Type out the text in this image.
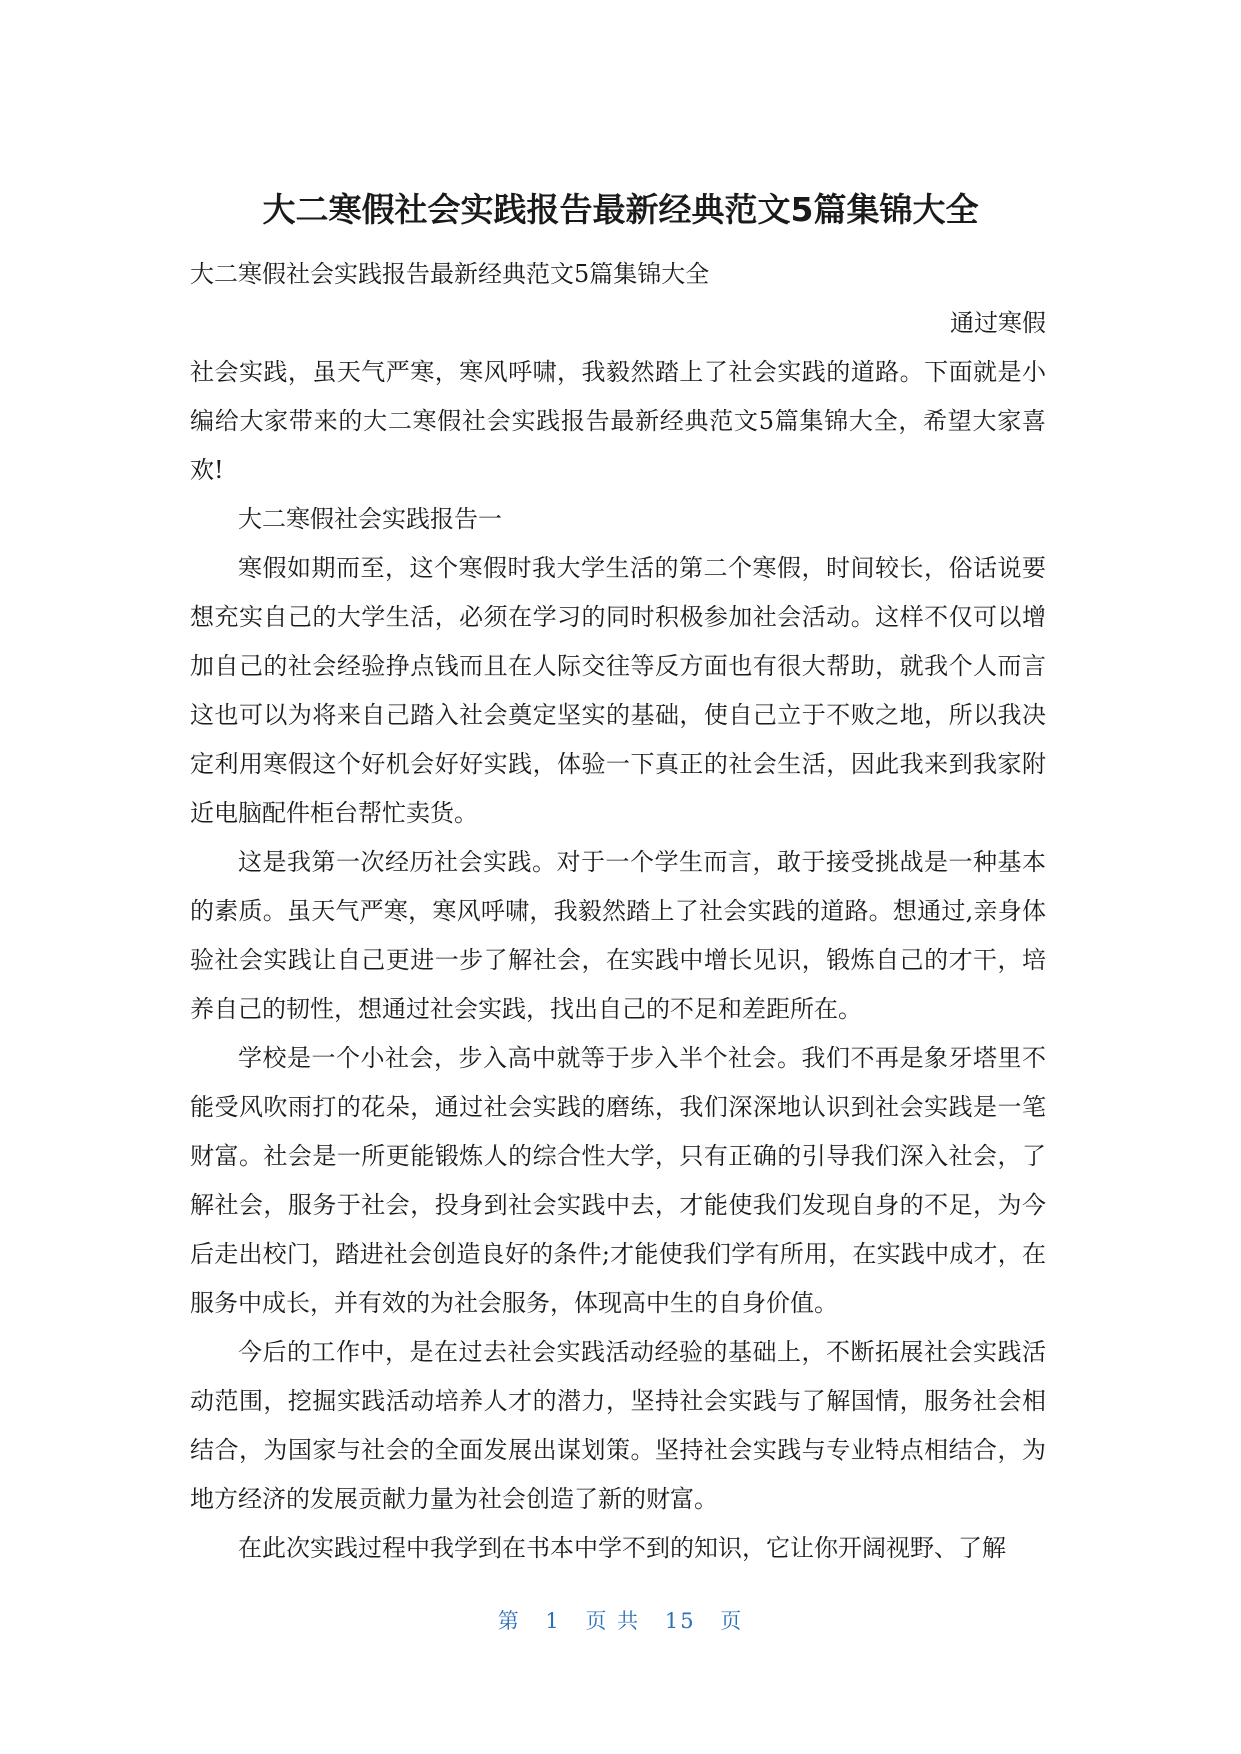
大二寒假社会实践报告最新经典范文5篇集锦大全

大二寒假社会实践报告最新经典范文5篇集锦大全

通过寒假

社会实践，虽天气严寒，寒风呼啸，我毅然踏上了社会实践的道路。下面就是小编给大家带来的大二寒假社会实践报告最新经典范文5篇集锦大全，希望大家喜欢!

大二寒假社会实践报告一

寒假如期而至，这个寒假时我大学生活的第二个寒假，时间较长，俗话说要想充实自己的大学生活，必须在学习的同时积极参加社会活动。这样不仅可以增加自己的社会经验挣点钱而且在人际交往等反方面也有很大帮助，就我个人而言这也可以为将来自己踏入社会奠定坚实的基础，使自己立于不败之地，所以我决定利用寒假这个好机会好好实践，体验一下真正的社会生活，因此我来到我家附近电脑配件柜台帮忙卖货。

这是我第一次经历社会实践。对于一个学生而言，敢于接受挑战是一种基本的素质。虽天气严寒，寒风呼啸，我毅然踏上了社会实践的道路。想通过,亲身体验社会实践让自己更进一步了解社会，在实践中增长见识，锻炼自己的才干，培养自己的韧性，想通过社会实践，找出自己的不足和差距所在。

学校是一个小社会，步入高中就等于步入半个社会。我们不再是象牙塔里不能受风吹雨打的花朵，通过社会实践的磨练，我们深深地认识到社会实践是一笔财富。社会是一所更能锻炼人的综合性大学，只有正确的引导我们深入社会，了解社会，服务于社会，投身到社会实践中去，才能使我们发现自身的不足，为今后走出校门，踏进社会创造良好的条件;才能使我们学有所用，在实践中成才，在服务中成长，并有效的为社会服务，体现高中生的自身价值。

今后的工作中，是在过去社会实践活动经验的基础上，不断拓展社会实践活动范围，挖掘实践活动培养人才的潜力，坚持社会实践与了解国情，服务社会相结合，为国家与社会的全面发展出谋划策。坚持社会实践与专业特点相结合，为地方经济的发展贡献力量为社会创造了新的财富。

在此次实践过程中我学到在书本中学不到的知识，它让你开阔视野、了解

第 1 页 共 15 页
